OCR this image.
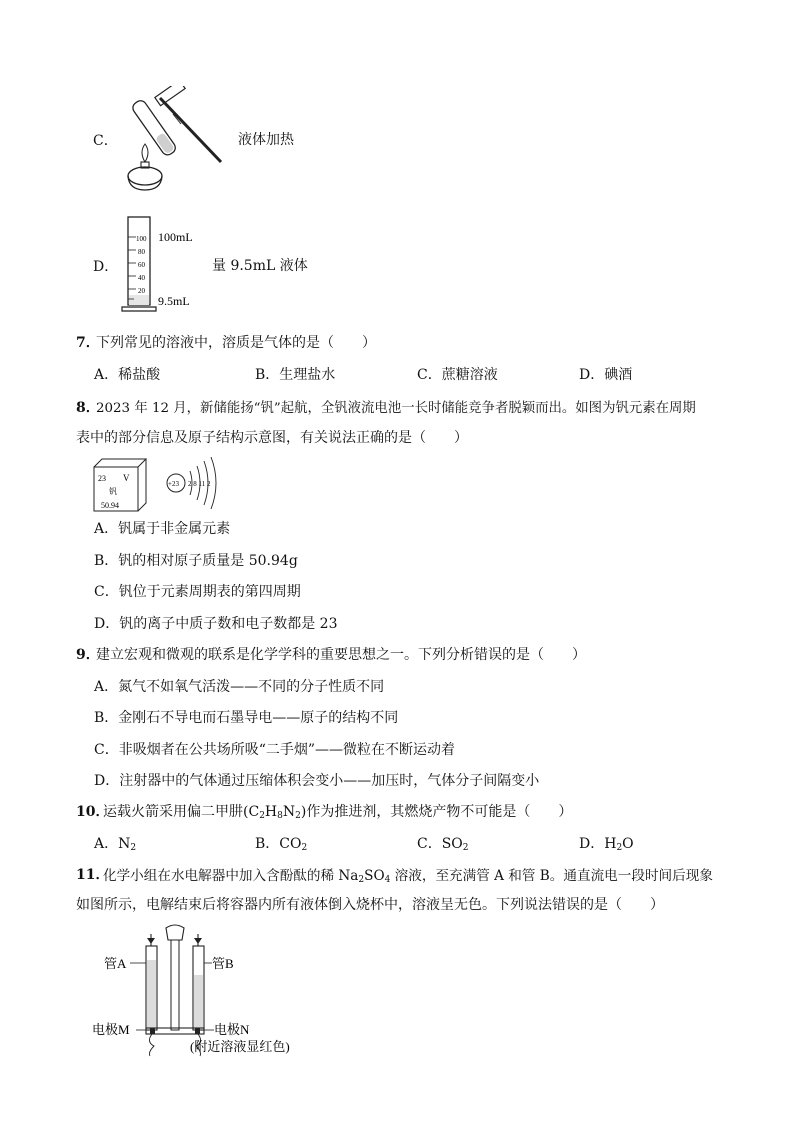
C．	液体加热
D．
100
80
60
40
20
100mL
9.5mL
量 9.5mL 液体
7．
下列常见的溶液中，溶质是气体的是（　　）
A．稀盐酸	B．生理盐水	C．蔗糖溶液	D．碘酒
8．
2023 年 12 月，新储能扬“钒”起航，全钒液流电池一长时储能竞争者脱颖而出。如图为钒元素在周期
表中的部分信息及原子结构示意图，有关说法正确的是（　　）
23 V
钒
50.94
+23 2 8 11 2
A．钒属于非金属元素
B．钒的相对原子质量是 50.94g
C．钒位于元素周期表的第四周期
D．钒的离子中质子数和电子数都是 23
9．
建立宏观和微观的联系是化学学科的重要思想之一。下列分析错误的是（　　）
A．氮气不如氧气活泼——不同的分子性质不同
B．金刚石不导电而石墨导电——原子的结构不同
C．非吸烟者在公共场所吸“二手烟”——微粒在不断运动着
D．注射器中的气体通过压缩体积会变小——加压时，气体分子间隔变小
10．
运载火箭采用偏二甲肼$(C_2H_8N_2)$作为推进剂，其燃烧产物不可能是（　　）
A．$N_2$	B．$CO_2$	C．$SO_2$	D．$H_2O$
11．
化学小组在水电解器中加入含酚酞的稀 $Na_2SO_4$ 溶液，至充满管 A 和管 B。通直流电一段时间后现象
如图所示，电解结束后将容器内所有液体倒入烧杯中，溶液呈无色。下列说法错误的是（　　）
管A	管B
电极M	电极N
(附近溶液显红色)
